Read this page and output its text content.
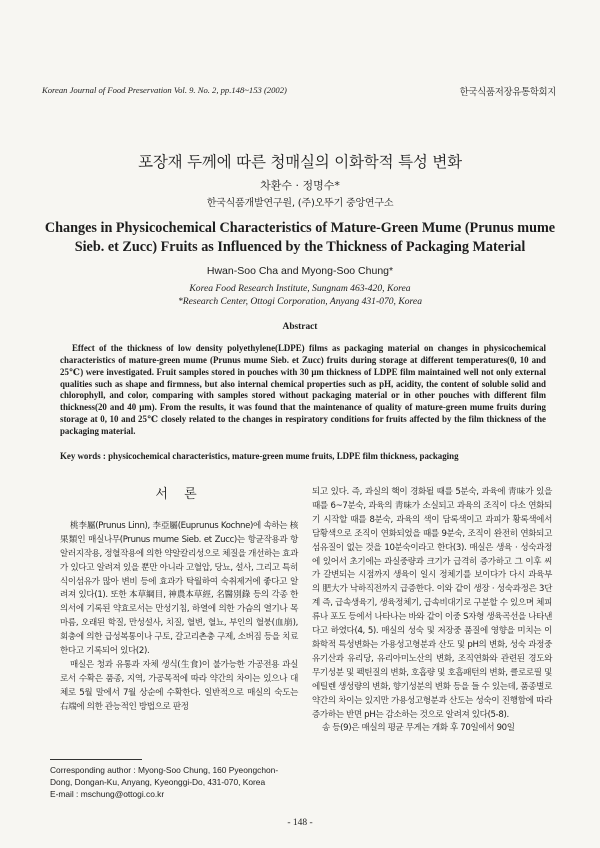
Korean Journal of Food Preservation Vol. 9. No. 2, pp.148~153 (2002)	한국식품저장유통학회지
포장재 두께에 따른 청매실의 이화학적 특성 변화
차환수 · 정명수*
한국식품개발연구원, (주)오뚜기 중앙연구소
Changes in Physicochemical Characteristics of Mature-Green Mume (Prunus mume Sieb. et Zucc) Fruits as Influenced by the Thickness of Packaging Material
Hwan-Soo Cha and Myong-Soo Chung*
Korea Food Research Institute, Sungnam 463-420, Korea
*Research Center, Ottogi Corporation, Anyang 431-070, Korea
Abstract
Effect of the thickness of low density polyethylene(LDPE) films as packaging material on changes in physicochemical characteristics of mature-green mume (Prunus mume Sieb. et Zucc) fruits during storage at different temperatures(0, 10 and 25℃) were investigated. Fruit samples stored in pouches with 30 μm thickness of LDPE film maintained well not only external qualities such as shape and firmness, but also internal chemical properties such as pH, acidity, the content of soluble solid and chlorophyll, and color, comparing with samples stored without packaging material or in other pouches with different film thickness(20 and 40 μm). From the results, it was found that the maintenance of quality of mature-green mume fruits during storage at 0, 10 and 25℃ closely related to the changes in respiratory conditions for fruits affected by the film thickness of the packaging material.
Key words : physicochemical characteristics, mature-green mume fruits, LDPE film thickness, packaging
서 론

桃李屬(Prunus Linn), 李亞屬(Euprunus Kochne)에 속하는 核果類인 매실나무(Prunus mume Sieb. et Zucc)는 항균작용과 항알러지작용, 정혈작용에 의한 약알칼리성으로 체질을 개선하는 효과가 있다고 알려져 있을 뿐만 아니라 고혈압, 당뇨, 설사, 그리고 특히 식이섬유가 많아 변비 등에 효과가 탁월하여 숙취제거에 좋다고 알려져 있다(1). 또한 本草綱目, 神農本草經, 名醫別錄 등의 각종 한의서에 기록된 약효로서는 만성기침, 하열에 의한 가슴의 열기나 목마름, 오래된 학질, 만성설사, 치질, 혈변, 혈뇨, 부인의 혈붕(血崩), 회충에 의한 급성복통이나 구토, 갈고리촌충 구제, 소버짐 등을 치료한다고 기록되어 있다(2).

매실은 청과 유통과 자체 생식(生食)이 불가능한 가공전용 과실로서 수확은 품종, 지역, 가공목적에 따라 약간의 차이는 있으나 대체로 5월 말에서 7월 상순에 수확한다. 일반적으로 매실의 숙도는 右端에 의한 관능적인 방법으로 판정

되고 있다. 즉, 과실의 핵이 경화될 때를 5분숙, 과육에 靑味가 있을 때를 6~7분숙, 과육의 靑味가 소실되고 과육의 조직이 다소 연화되기 시작할 때를 8분숙, 과육의 색이 담록색이고 과피가 황록색에서 담황색으로 조직이 연화되었을 때를 9분숙, 조직이 완전히 연화되고 섬유질이 없는 것을 10분숙이라고 한다(3). 매실은 생육 · 성숙과정에 있어서 초기에는 과실중량과 크기가 급격히 증가하고 그 이후 씨가 갈변되는 시점까지 생육이 일시 정체기를 보이다가 다시 과육부의 肥大가 낙하직전까지 급증한다. 이와 같이 생장 · 성숙과정은 3단계 즉, 급속생육기, 생육정체기, 급속비대기로 구분할 수 있으며 체피류나 포도 등에서 나타나는 바와 같이 이중 S자형 생육곡선을 나타낸다고 하였다(4, 5). 매실의 성숙 및 저장중 품질에 영향을 미치는 이화학적 특성변화는 가용성고형분과 산도 및 pH의 변화, 성숙 과정중 유기산과 유리당, 유리아미노산의 변화, 조직연화와 관련된 경도와 무기성분 및 펙틴질의 변화, 호흡량 및 호흡패턴의 변화, 클로로필 및 에틸렌 생성량의 변화, 향기성분의 변화 등을 들 수 있는데, 품종별로 약간의 차이는 있지만 가용성고형분과 산도는 성숙이 진행함에 따라 증가하는 반면 pH는 감소하는 것으로 알려져 있다(5-8).

송 등(9)은 매실의 평균 무게는 개화 후 70일에서 90일

Corresponding author : Myong-Soo Chung, 160 Pyeongchon-
Dong, Dongan-Ku, Anyang, Kyeonggi-Do, 431-070, Korea
E-mail : mschung@ottogi.co.kr
- 148 -
